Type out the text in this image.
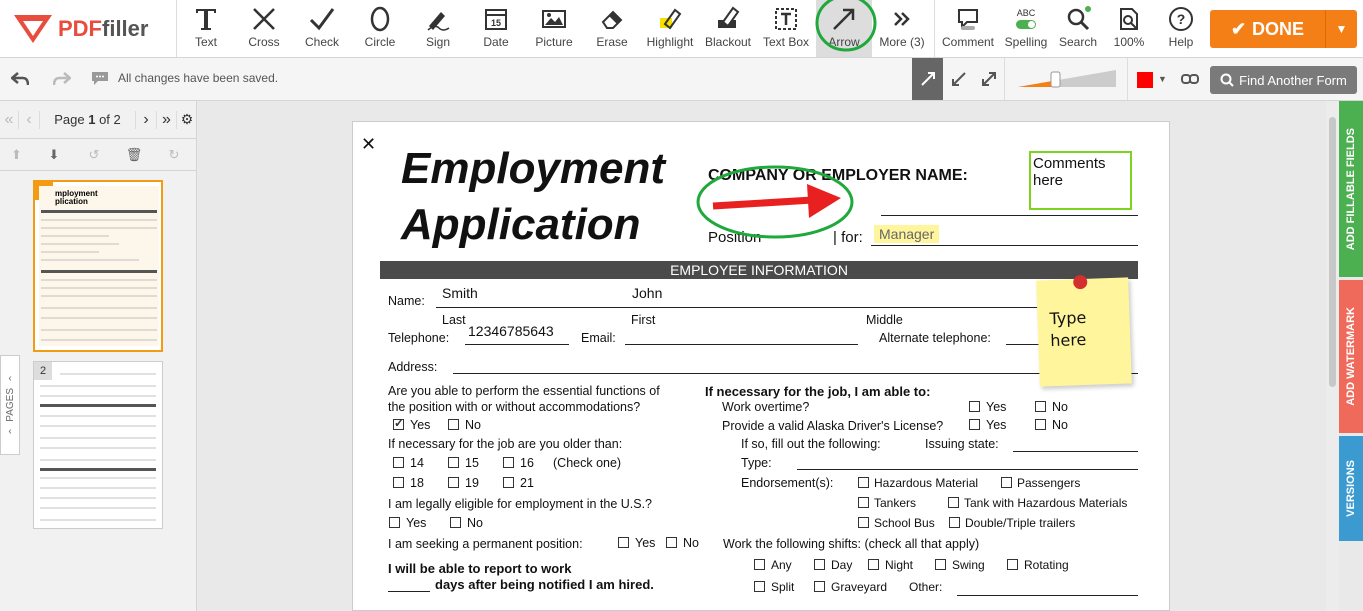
PDFfiller
Text	Cross Check Circle	Sign
15
Date Picture Erase Highlight Blackout Text Box Arrow More (3) Comment
ABC
Spelling Search 100%
?
Help
✔ DONE	▼
All changes have been saved.	▼	Find Another Form
« ‹	Page 1 of 2	› » ⚙
⬆	⬇	↺	🗑	↻
mployment
plication
2
‹
PAGES
‹
ADD FILLABLE FIELDS
ADD WATERMARK
VERSIONS
✕ Employment
Application
COMPANY OR EMPLOYER NAME:
Comments
here
Position	| for:	Manager
EMPLOYEE INFORMATION
Name: Smith	John
Last	First	Middle
Telephone: 12346785643 Email:	Alternate telephone:
Address:
Type
here
Are you able to perform the essential functions of
the position with or without accommodations?
✓
Yes	No
If necessary for the job are you older than:
14	15	16 (Check one)
18	19	21
I am legally eligible for employment in the U.S.?
Yes	No
I am seeking a permanent position:	Yes No
I will be able to report to work
days after being notified I am hired.
If necessary for the job, I am able to:
Work overtime?	Yes	No
Provide a valid Alaska Driver's License?	Yes	No
If so, fill out the following:	Issuing state:
Type:
Endorsement(s):	Hazardous Material	Passengers
Tankers	Tank with Hazardous Materials
School Bus	Double/Triple trailers
Work the following shifts: (check all that apply)
Any	Day	Night	Swing	Rotating
Split	Graveyard Other:
